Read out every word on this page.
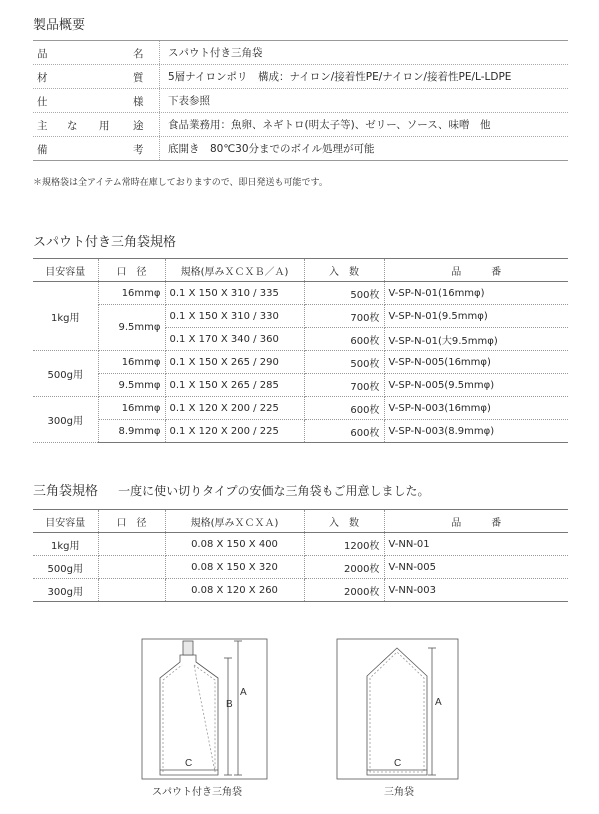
製品概要
品	名	スパウト付き三角袋
材	質	5層ナイロンポリ　構成：ナイロン/接着性PE/ナイロン/接着性PE/L-LDPE
仕	様	下表参照
主 な 用 途	食品業務用：魚卵、ネギトロ(明太子等)、ゼリー、ソース、味噌　他
備	考	底開き　80℃30分までのボイル処理が可能
＊規格袋は全アイテム常時在庫しておりますので、即日発送も可能です。
スパウト付き三角袋規格
目安容量	口　径	規格(厚みＸＣＸＢ／Ａ)	入　数	品　　　番
1kg用	16mmφ	0.1 X 150 X 310 / 335	500枚	V-SP-N-01(16mmφ)
	9.5mmφ	0.1 X 150 X 310 / 330	700枚	V-SP-N-01(9.5mmφ)
		0.1 X 170 X 340 / 360	600枚	V-SP-N-01(大9.5mmφ)
500g用	16mmφ	0.1 X 150 X 265 / 290	500枚	V-SP-N-005(16mmφ)
	9.5mmφ	0.1 X 150 X 265 / 285	700枚	V-SP-N-005(9.5mmφ)
300g用	16mmφ	0.1 X 120 X 200 / 225	600枚	V-SP-N-003(16mmφ)
	8.9mmφ	0.1 X 120 X 200 / 225	600枚	V-SP-N-003(8.9mmφ)
三角袋規格 一度に使い切りタイプの安価な三角袋もご用意しました。
目安容量	口　径	規格(厚みＸＣＸＡ)	入　数	品　　　番
1kg用		0.08 X 150 X 400	1200枚	V-NN-01
500g用		0.08 X 150 X 320	2000枚	V-NN-005
300g用		0.08 X 120 X 260	2000枚	V-NN-003
A
B
C
A
C
スパウト付き三角袋	三角袋
